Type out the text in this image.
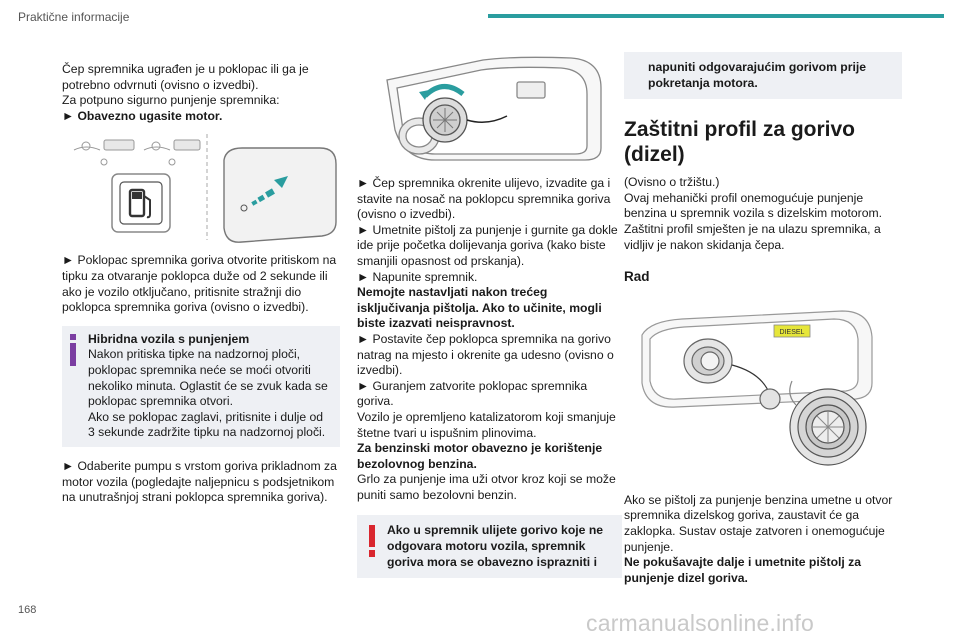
Praktične informacije

Čep spremnika ugrađen je u poklopac ili ga je potrebno odvrnuti (ovisno o izvedbi).

Za potpuno sigurno punjenje spremnika:

► Obavezno ugasite motor.

► Poklopac spremnika goriva otvorite pritiskom na tipku za otvaranje poklopca duže od 2 sekunde ili ako je vozilo otključano, pritisnite stražnji dio poklopca spremnika goriva (ovisno o izvedbi).

Hibridna vozila s punjenjem

Nakon pritiska tipke na nadzornoj ploči, poklopac spremnika neće se moći otvoriti nekoliko minuta. Oglastit će se zvuk kada se poklopac spremnika otvori.

Ako se poklopac zaglavi, pritisnite i dulje od 3 sekunde zadržite tipku na nadzornoj ploči.

► Odaberite pumpu s vrstom goriva prikladnom za motor vozila (pogledajte naljepnicu s podsjetnikom na unutrašnjoj strani poklopca spremnika goriva).

► Čep spremnika okrenite ulijevo, izvadite ga i stavite na nosač na poklopcu spremnika goriva (ovisno o izvedbi).

► Umetnite pištolj za punjenje i gurnite ga dokle ide prije početka dolijevanja goriva (kako biste smanjili opasnost od prskanja).

► Napunite spremnik.

Nemojte nastavljati nakon trećeg isključivanja pištolja. Ako to učinite, mogli biste izazvati neispravnost.

► Postavite čep poklopca spremnika na gorivo natrag na mjesto i okrenite ga udesno (ovisno o izvedbi).

► Guranjem zatvorite poklopac spremnika goriva.

Vozilo je opremljeno katalizatorom koji smanjuje štetne tvari u ispušnim plinovima.

Za benzinski motor obavezno je korištenje bezolovnog benzina.

Grlo za punjenje ima uži otvor kroz koji se može puniti samo bezolovni benzin.

Ako u spremnik ulijete gorivo koje ne odgovara motoru vozila, spremnik goriva mora se obavezno isprazniti i

napuniti odgovarajućim gorivom prije pokretanja motora.

Zaštitni profil za gorivo (dizel)

(Ovisno o tržištu.)

Ovaj mehanički profil onemogućuje punjenje benzina u spremnik vozila s dizelskim motorom.

Zaštitni profil smješten je na ulazu spremnika, a vidljiv je nakon skidanja čepa.

Rad
DIESEL

Ako se pištolj za punjenje benzina umetne u otvor spremnika dizelskog goriva, zaustavit će ga zaklopka. Sustav ostaje zatvoren i onemogućuje punjenje.

Ne pokušavajte dalje i umetnite pištolj za punjenje dizel goriva.

168	carmanualsonline.info
